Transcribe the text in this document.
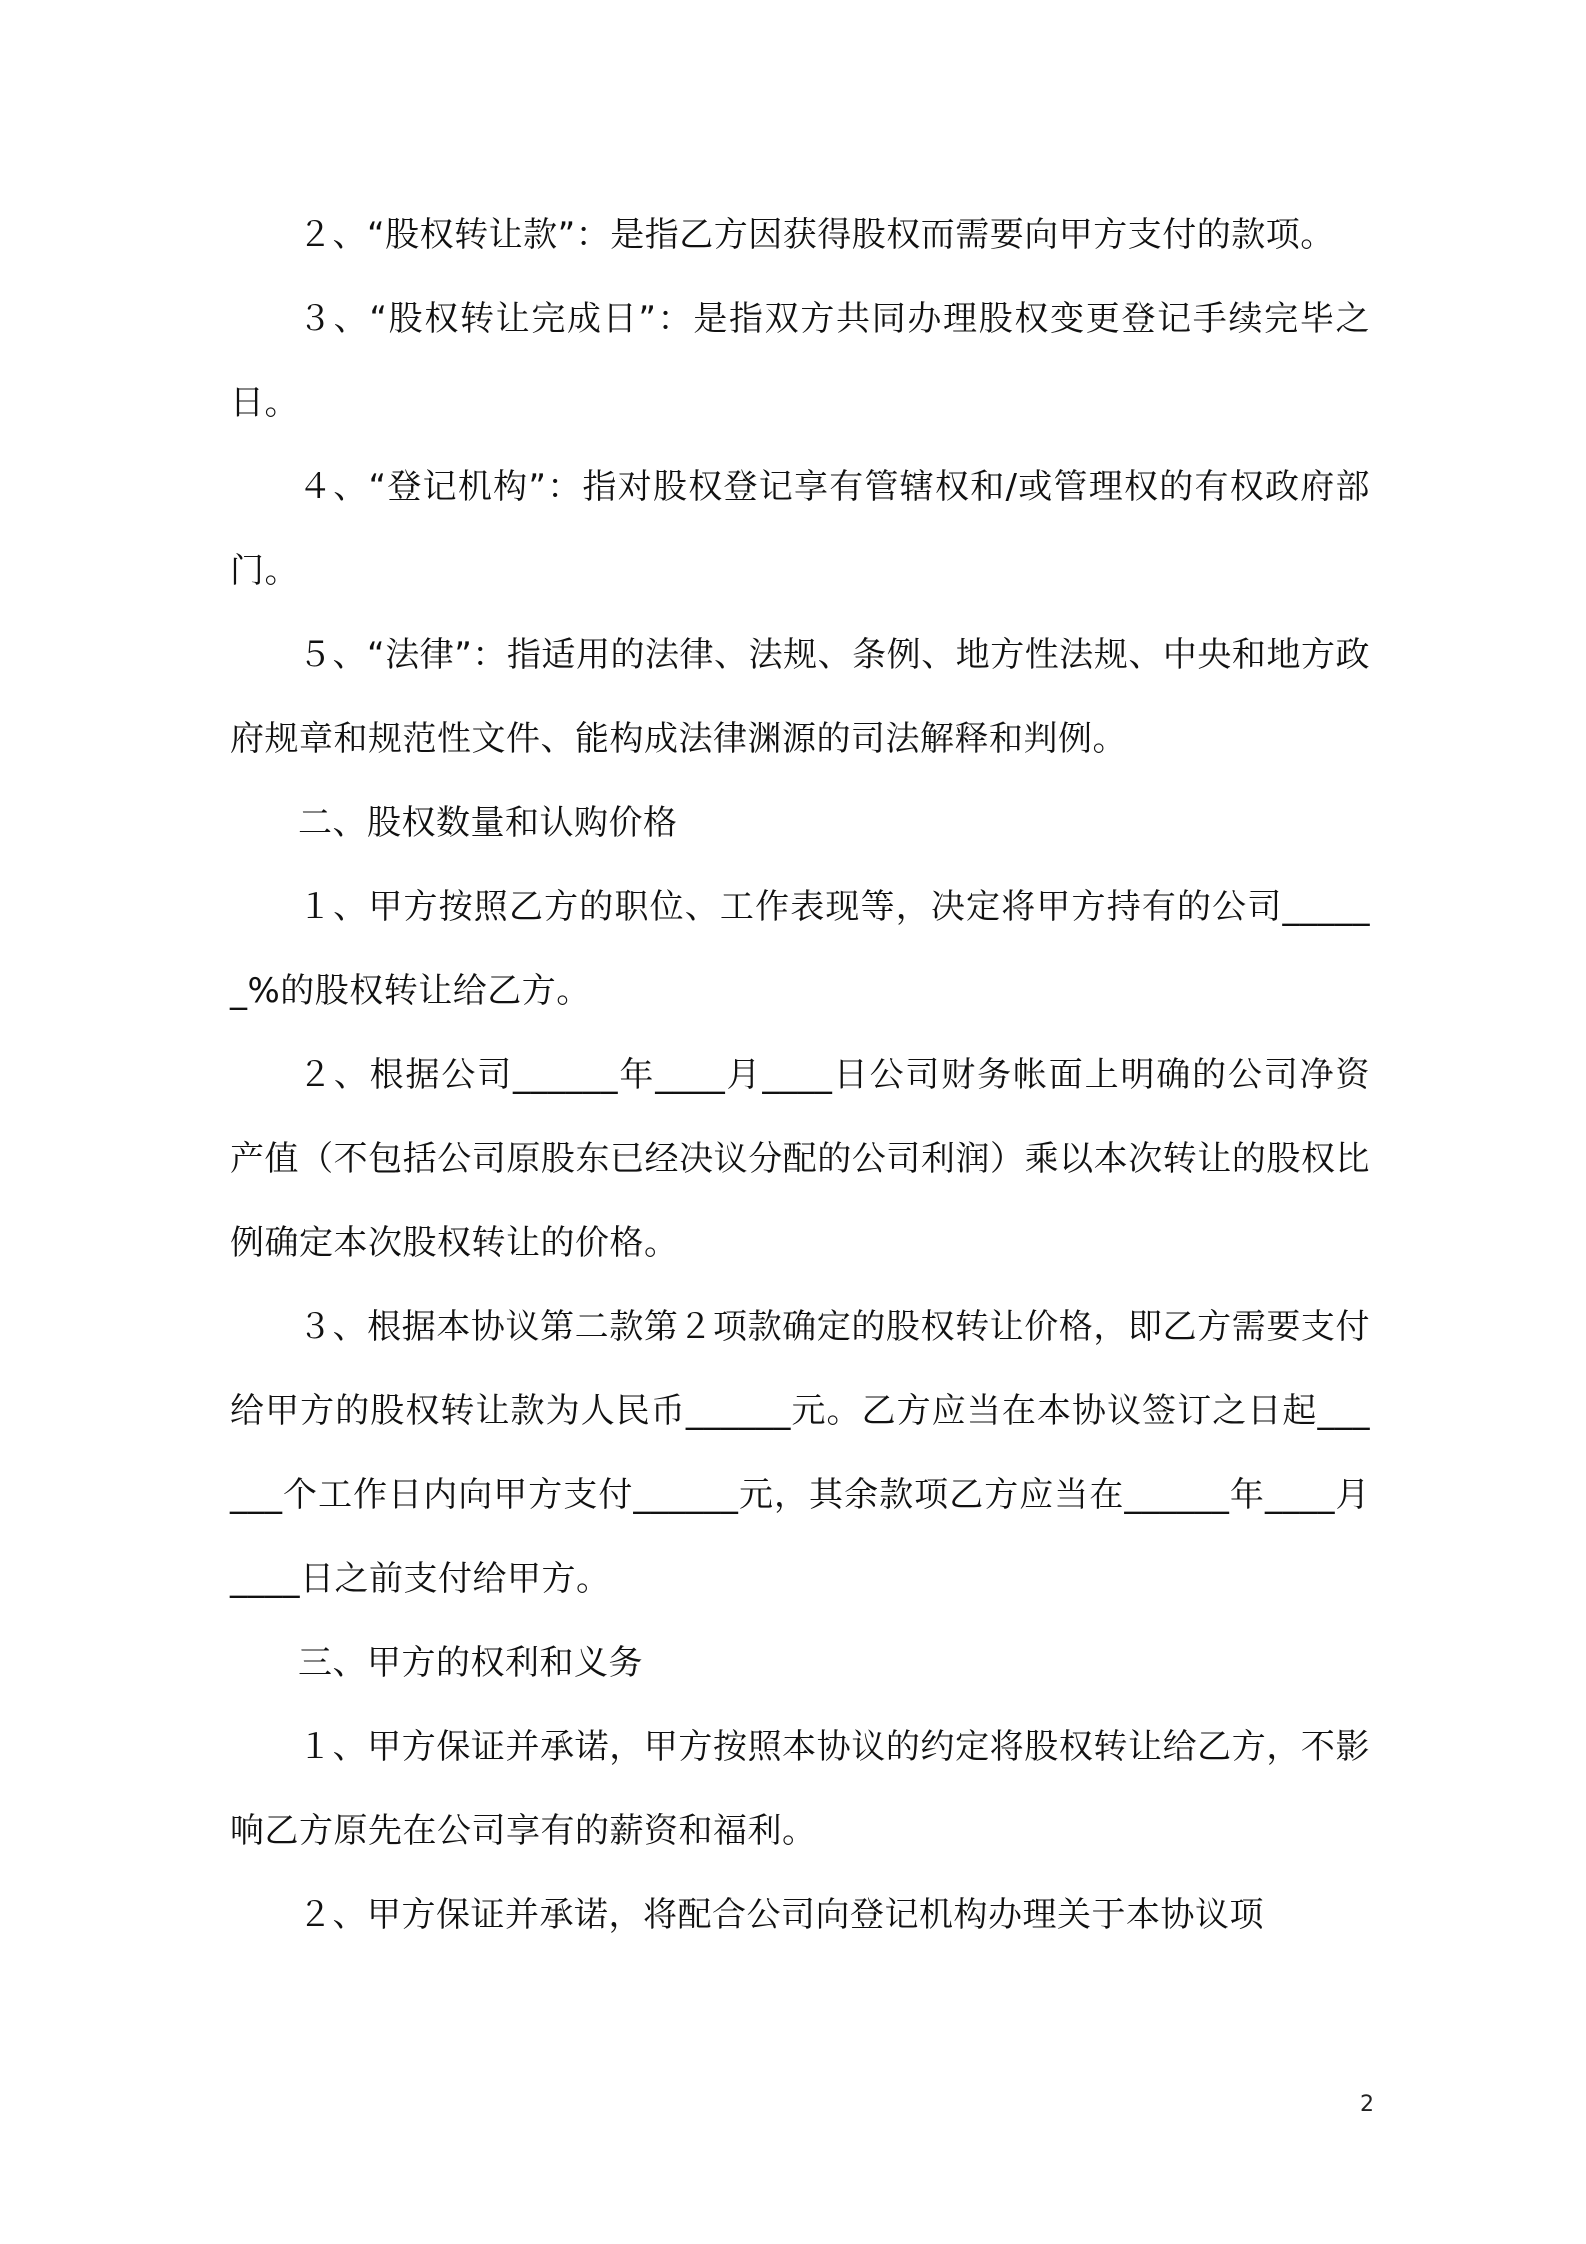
２、“股权转让款”：是指乙方因获得股权而需要向甲方支付的款项。

３、“股权转让完成日”：是指双方共同办理股权变更登记手续完毕之日。

４、“登记机构”：指对股权登记享有管辖权和/或管理权的有权政府部门。

５、“法律”：指适用的法律、法规、条例、地方性法规、中央和地方政府规章和规范性文件、能构成法律渊源的司法解释和判例。

二、股权数量和认购价格

１、甲方按照乙方的职位、工作表现等，决定将甲方持有的公司______%的股权转让给乙方。

２、根据公司______年____月____日公司财务帐面上明确的公司净资产值（不包括公司原股东已经决议分配的公司利润）乘以本次转让的股权比例确定本次股权转让的价格。

３、根据本协议第二款第２项款确定的股权转让价格，即乙方需要支付给甲方的股权转让款为人民币______元。乙方应当在本协议签订之日起______个工作日内向甲方支付______元，其余款项乙方应当在______年____月____日之前支付给甲方。

三、甲方的权利和义务

１、甲方保证并承诺，甲方按照本协议的约定将股权转让给乙方，不影响乙方原先在公司享有的薪资和福利。

２、甲方保证并承诺，将配合公司向登记机构办理关于本协议项

2
